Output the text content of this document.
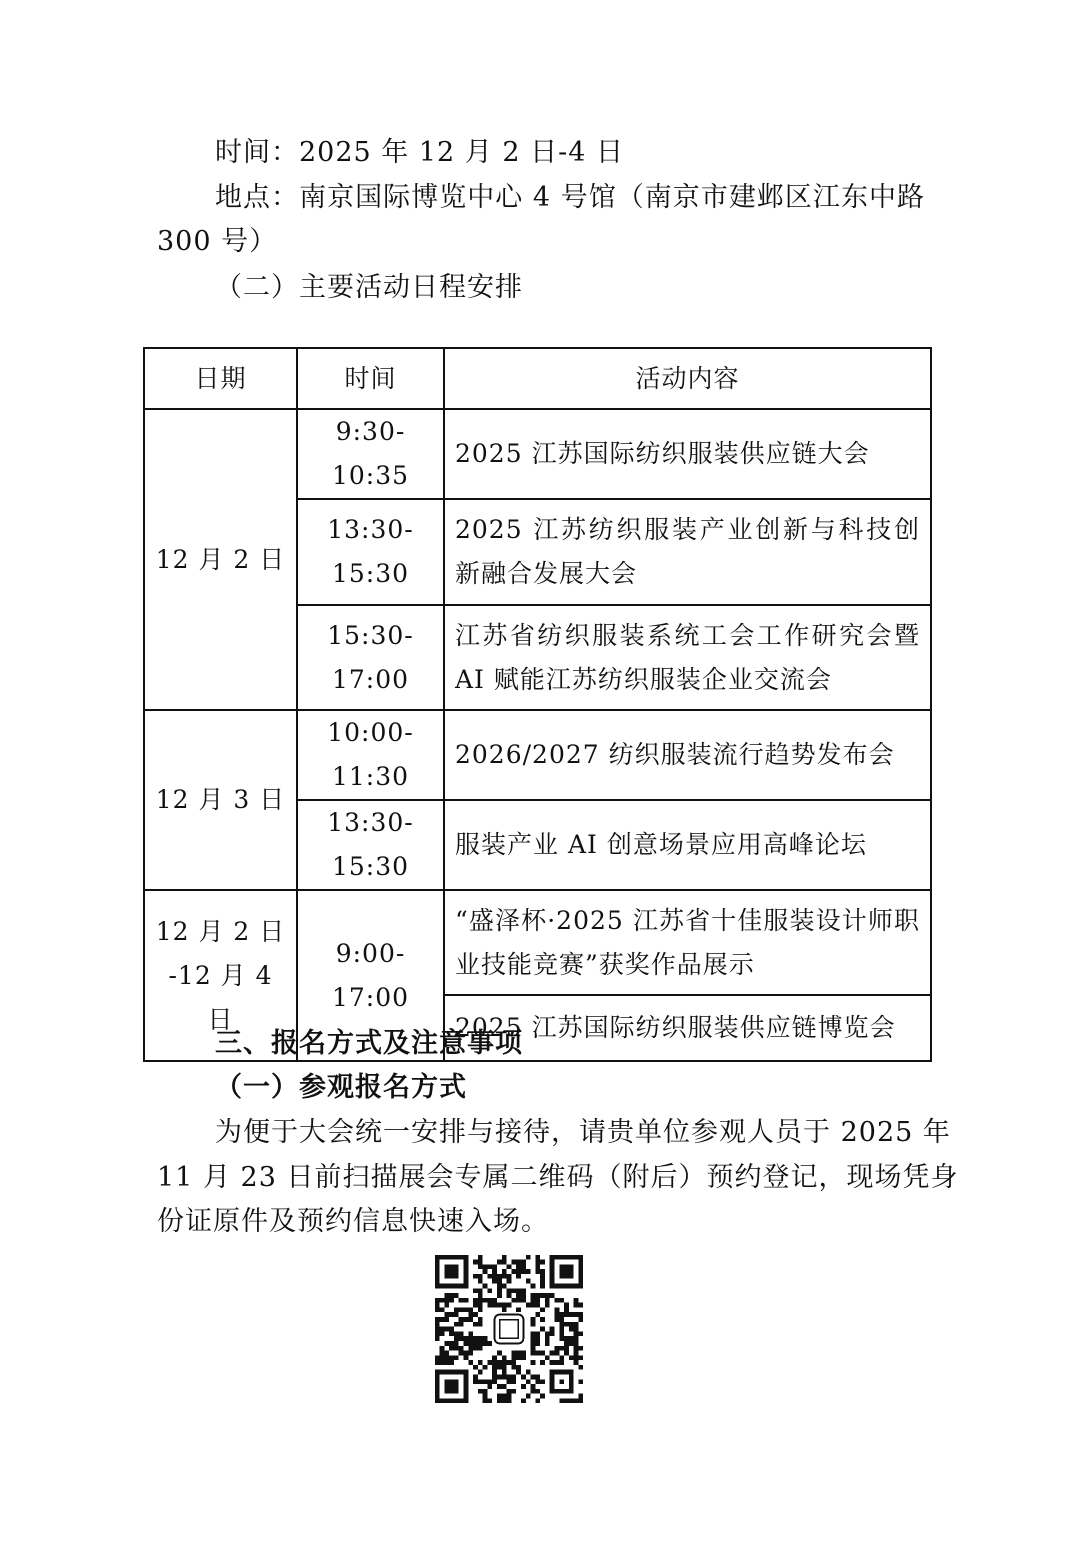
时间：2025 年 12 月 2 日-4 日
地点：南京国际博览中心 4 号馆（南京市建邺区江东中路
300 号）
（二）主要活动日程安排
日期	时间	活动内容
12 月 2 日	9:30-10:35	2025 江苏国际纺织服装供应链大会
	13:30-15:30	2025 江苏纺织服装产业创新与科技创新融合发展大会
	15:30-17:00	江苏省纺织服装系统工会工作研究会暨 AI 赋能江苏纺织服装企业交流会
12 月 3 日	10:00-11:30	2026/2027 纺织服装流行趋势发布会
	13:30-15:30	服装产业 AI 创意场景应用高峰论坛

12 月 2 日
-12 月 4 日	9:00-17:00	“盛泽杯·2025 江苏省十佳服装设计师职业技能竞赛”获奖作品展示
		2025 江苏国际纺织服装供应链博览会
三、报名方式及注意事项
（一）参观报名方式
为便于大会统一安排与接待，请贵单位参观人员于 2025 年
11 月 23 日前扫描展会专属二维码（附后）预约登记，现场凭身
份证原件及预约信息快速入场。
